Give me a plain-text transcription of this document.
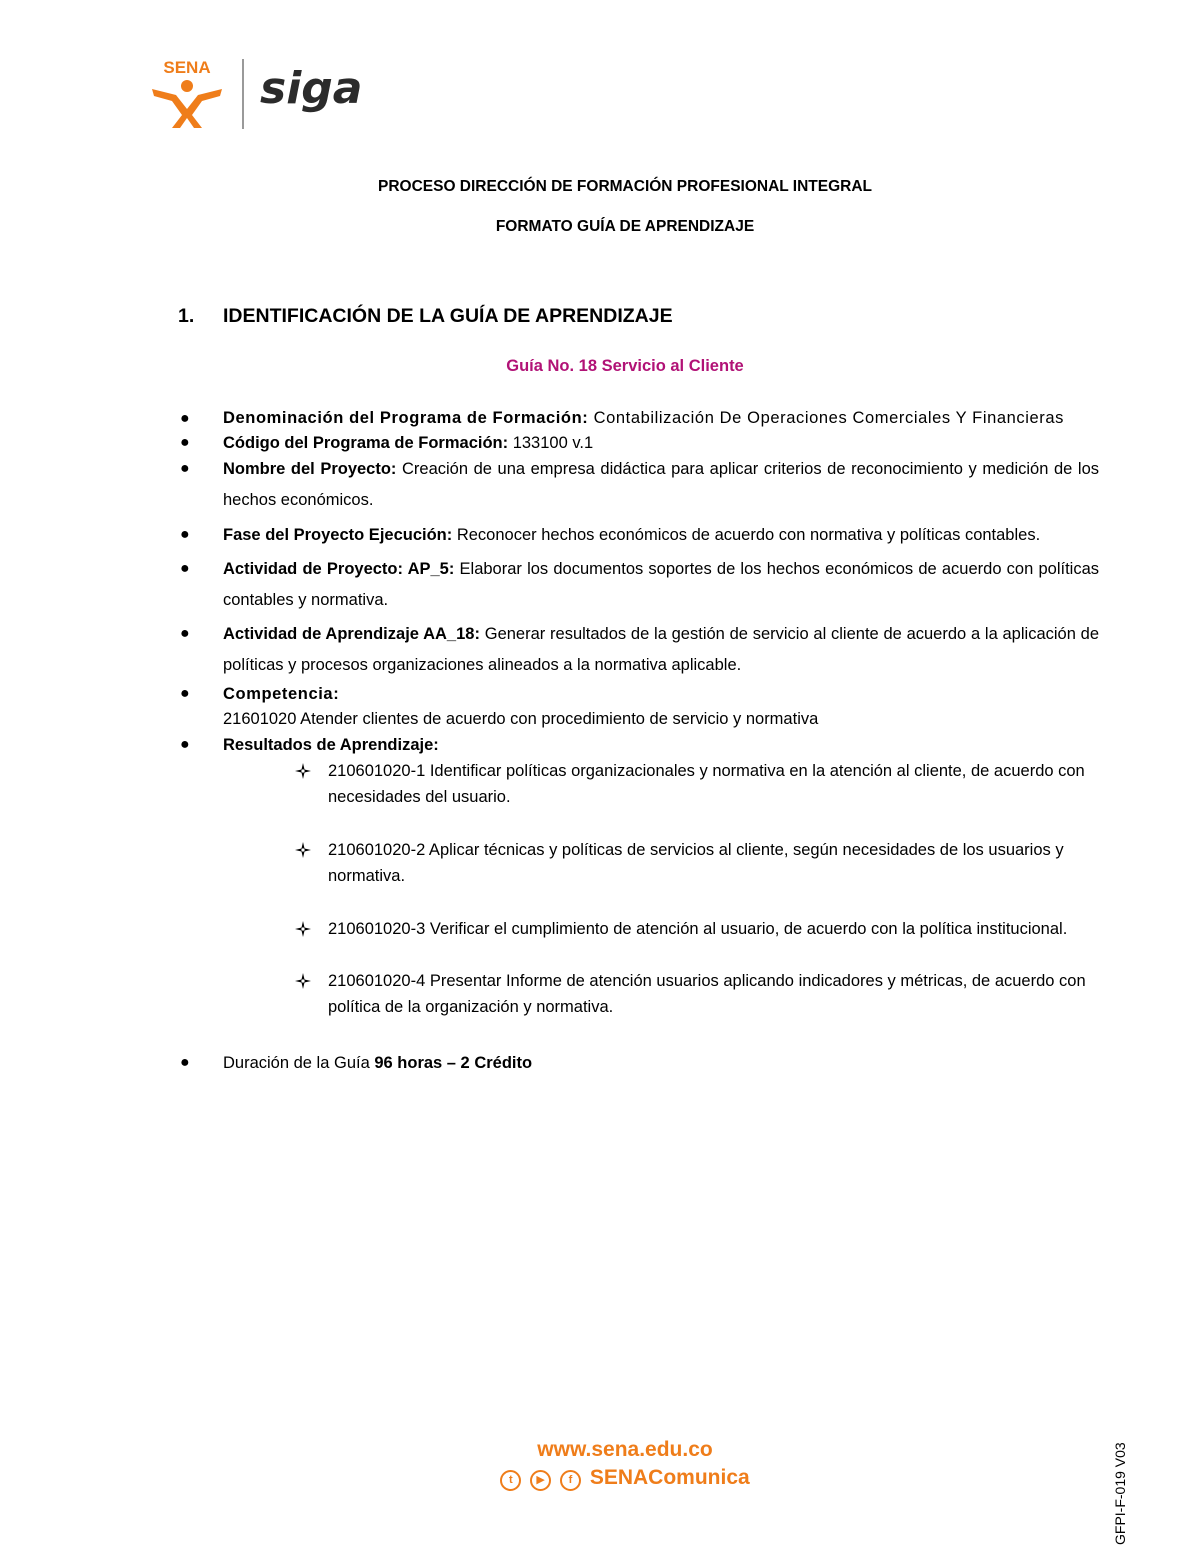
SENA siga
PROCESO DIRECCIÓN DE FORMACIÓN PROFESIONAL INTEGRAL
FORMATO GUÍA DE APRENDIZAJE
1. IDENTIFICACIÓN DE LA GUÍA DE APRENDIZAJE
Guía No. 18 Servicio al Cliente
● Denominación del Programa de Formación: Contabilización De Operaciones Comerciales Y Financieras
● Código del Programa de Formación: 133100 v.1
● Nombre del Proyecto: Creación de una empresa didáctica para aplicar criterios de reconocimiento y medición de los hechos económicos.
● Fase del Proyecto Ejecución: Reconocer hechos económicos de acuerdo con normativa y políticas contables.
● Actividad de Proyecto: AP_5: Elaborar los documentos soportes de los hechos económicos de acuerdo con políticas contables y normativa.
● Actividad de Aprendizaje AA_18: Generar resultados de la gestión de servicio al cliente de acuerdo a la aplicación de políticas y procesos organizaciones alineados a la normativa aplicable.
● Competencia:
21601020 Atender clientes de acuerdo con procedimiento de servicio y normativa
● Resultados de Aprendizaje:
210601020-1 Identificar políticas organizacionales y normativa en la atención al cliente, de acuerdo con necesidades del usuario.
210601020-2 Aplicar técnicas y políticas de servicios al cliente, según necesidades de los usuarios y normativa.
210601020-3 Verificar el cumplimiento de atención al usuario, de acuerdo con la política institucional.
210601020-4 Presentar Informe de atención usuarios aplicando indicadores y métricas, de acuerdo con política de la organización y normativa.
● Duración de la Guía 96 horas – 2 Crédito
www.sena.edu.co
t ▶ f SENAComunica	GFPI-F-019 V03
